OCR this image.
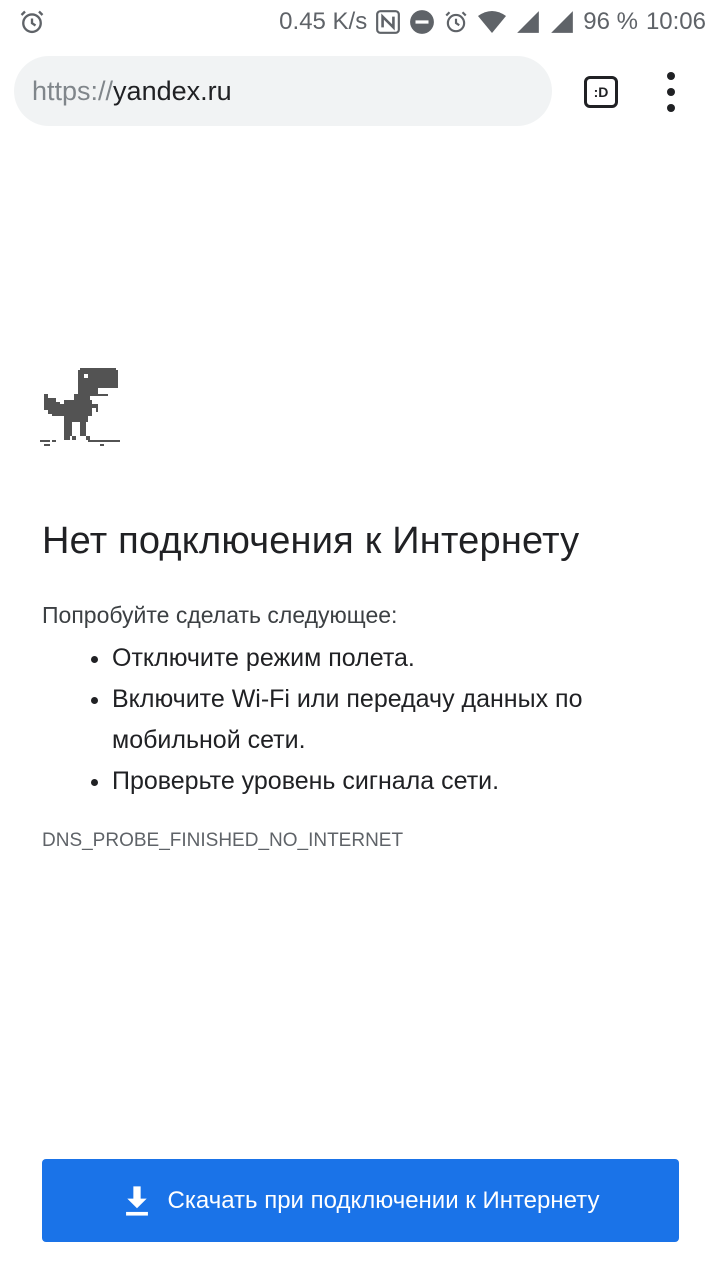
0.45 K/s	96 % 10:06
https:// yandex.ru	:D
Нет подключения к Интернету
Попробуйте сделать следующее:
• Отключите режим полета.
• Включите Wi-Fi или передачу данных по мобильной сети.
• Проверьте уровень сигнала сети.
DNS_PROBE_FINISHED_NO_INTERNET
Скачать при подключении к Интернету
